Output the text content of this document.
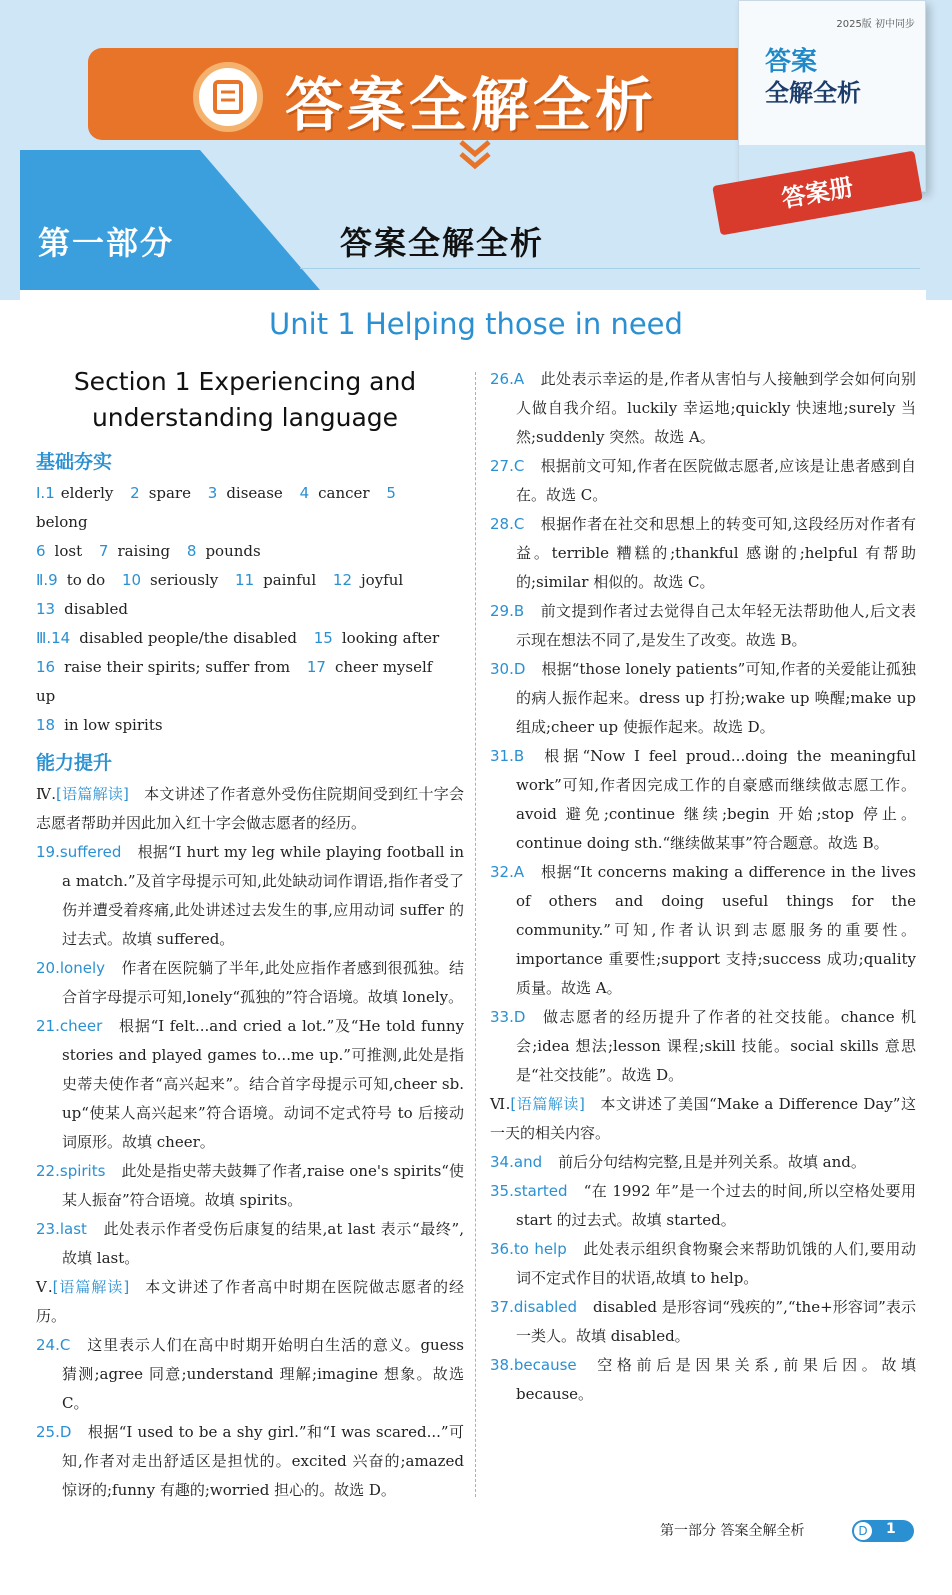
答案全解全析
2025版 初中同步
答案
全解全析
答案册
第一部分	答案全解全析
Unit 1 Helping those in need
Section 1 Experiencing and understanding language
基础夯实
Ⅰ.1 elderly 2  spare 3  disease 4  cancer 5 belong
6  lost 7  raising 8  pounds
Ⅱ.9  to do 10  seriously 11  painful 12  joyful
13  disabled
Ⅲ.14  disabled people/the disabled 15  looking after
16  raise their spirits; suffer from 17  cheer myself up
18  in low spirits
能力提升
Ⅳ.[语篇解读]  本文讲述了作者意外受伤住院期间受到红十字会志愿者帮助并因此加入红十字会做志愿者的经历。
19.suffered 根据“I hurt my leg while playing football in a match.”及首字母提示可知,此处缺动词作谓语,指作者受了伤并遭受着疼痛,此处讲述过去发生的事,应用动词 suffer 的过去式。故填 suffered。
20.lonely 作者在医院躺了半年,此处应指作者感到很孤独。结合首字母提示可知,lonely“孤独的”符合语境。故填 lonely。
21.cheer 根据“I felt...and cried a lot.”及“He told funny stories and played games to...me up.”可推测,此处是指史蒂夫使作者“高兴起来”。结合首字母提示可知,cheer sb. up“使某人高兴起来”符合语境。动词不定式符号 to 后接动词原形。故填 cheer。
22.spirits 此处是指史蒂夫鼓舞了作者,raise one's spirits“使某人振奋”符合语境。故填 spirits。
23.last 此处表示作者受伤后康复的结果,at last 表示“最终”,故填 last。
Ⅴ.[语篇解读]  本文讲述了作者高中时期在医院做志愿者的经历。
24.C 这里表示人们在高中时期开始明白生活的意义。guess 猜测;agree 同意;understand 理解;imagine 想象。故选 C。
25.D 根据“I used to be a shy girl.”和“I was scared...”可知,作者对走出舒适区是担忧的。excited 兴奋的;amazed 惊讶的;funny 有趣的;worried 担心的。故选 D。
26.A 此处表示幸运的是,作者从害怕与人接触到学会如何向别人做自我介绍。luckily 幸运地;quickly 快速地;surely 当然;suddenly 突然。故选 A。
27.C 根据前文可知,作者在医院做志愿者,应该是让患者感到自在。故选 C。
28.C 根据作者在社交和思想上的转变可知,这段经历对作者有益。terrible 糟糕的;thankful 感谢的;helpful 有帮助的;similar 相似的。故选 C。
29.B 前文提到作者过去觉得自己太年轻无法帮助他人,后文表示现在想法不同了,是发生了改变。故选 B。
30.D 根据“those lonely patients”可知,作者的关爱能让孤独的病人振作起来。dress up 打扮;wake up 唤醒;make up 组成;cheer up 使振作起来。故选 D。
31.B 根据“Now I feel proud...doing the meaningful work”可知,作者因完成工作的自豪感而继续做志愿工作。avoid 避免;continue 继续;begin 开始;stop 停止。continue doing sth.“继续做某事”符合题意。故选 B。
32.A 根据“It concerns making a difference in the lives of others and doing useful things for the community.”可知,作者认识到志愿服务的重要性。importance 重要性;support 支持;success 成功;quality 质量。故选 A。
33.D 做志愿者的经历提升了作者的社交技能。chance 机会;idea 想法;lesson 课程;skill 技能。social skills 意思是“社交技能”。故选 D。
Ⅵ.[语篇解读]  本文讲述了美国“Make a Difference Day”这一天的相关内容。
34.and 前后分句结构完整,且是并列关系。故填 and。
35.started “在 1992 年”是一个过去的时间,所以空格处要用 start 的过去式。故填 started。
36.to help 此处表示组织食物聚会来帮助饥饿的人们,要用动词不定式作目的状语,故填 to help。
37.disabled disabled 是形容词“残疾的”,“the+形容词”表示一类人。故填 disabled。
38.because 空格前后是因果关系,前果后因。故填 because。
第一部分 答案全解全析	D	1
